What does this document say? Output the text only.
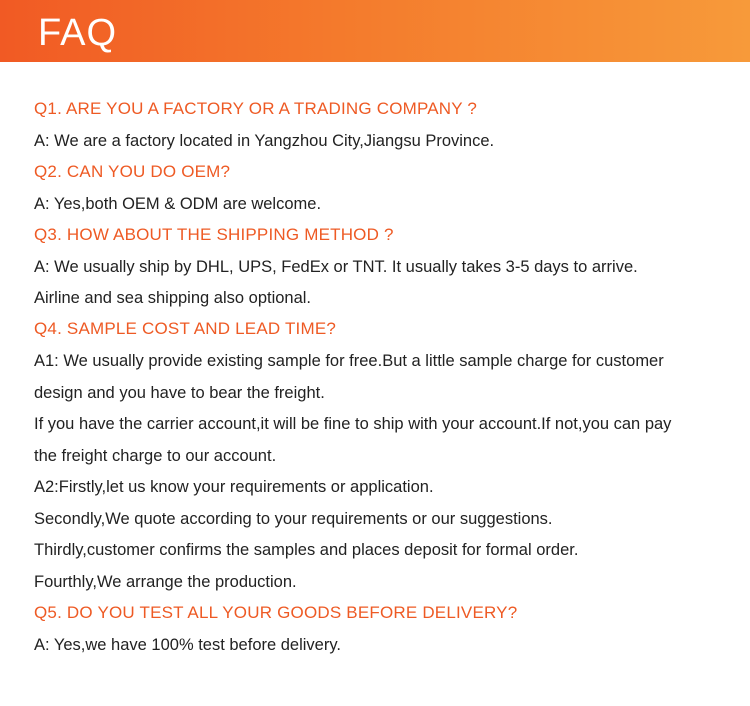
FAQ
Q1. ARE YOU A FACTORY OR A TRADING COMPANY ?
A: We are a factory located in Yangzhou City,Jiangsu Province.
Q2. CAN YOU DO OEM?
A: Yes,both OEM & ODM are welcome.
Q3. HOW ABOUT THE SHIPPING METHOD ?
A: We usually ship by DHL, UPS, FedEx or TNT. It usually takes 3-5 days to arrive.
Airline and sea shipping also optional.
Q4. SAMPLE COST AND LEAD TIME?
A1: We usually provide existing sample for free.But a little sample charge for customer
design and you have to bear the freight.
If you have the carrier account,it will be fine to ship with your account.If not,you can pay
the freight charge to our account.
A2:Firstly,let us know your requirements or application.
Secondly,We quote according to your requirements or our suggestions.
Thirdly,customer confirms the samples and places deposit for formal order.
Fourthly,We arrange the production.
Q5. DO YOU TEST ALL YOUR GOODS BEFORE DELIVERY?
A: Yes,we have 100% test before delivery.
